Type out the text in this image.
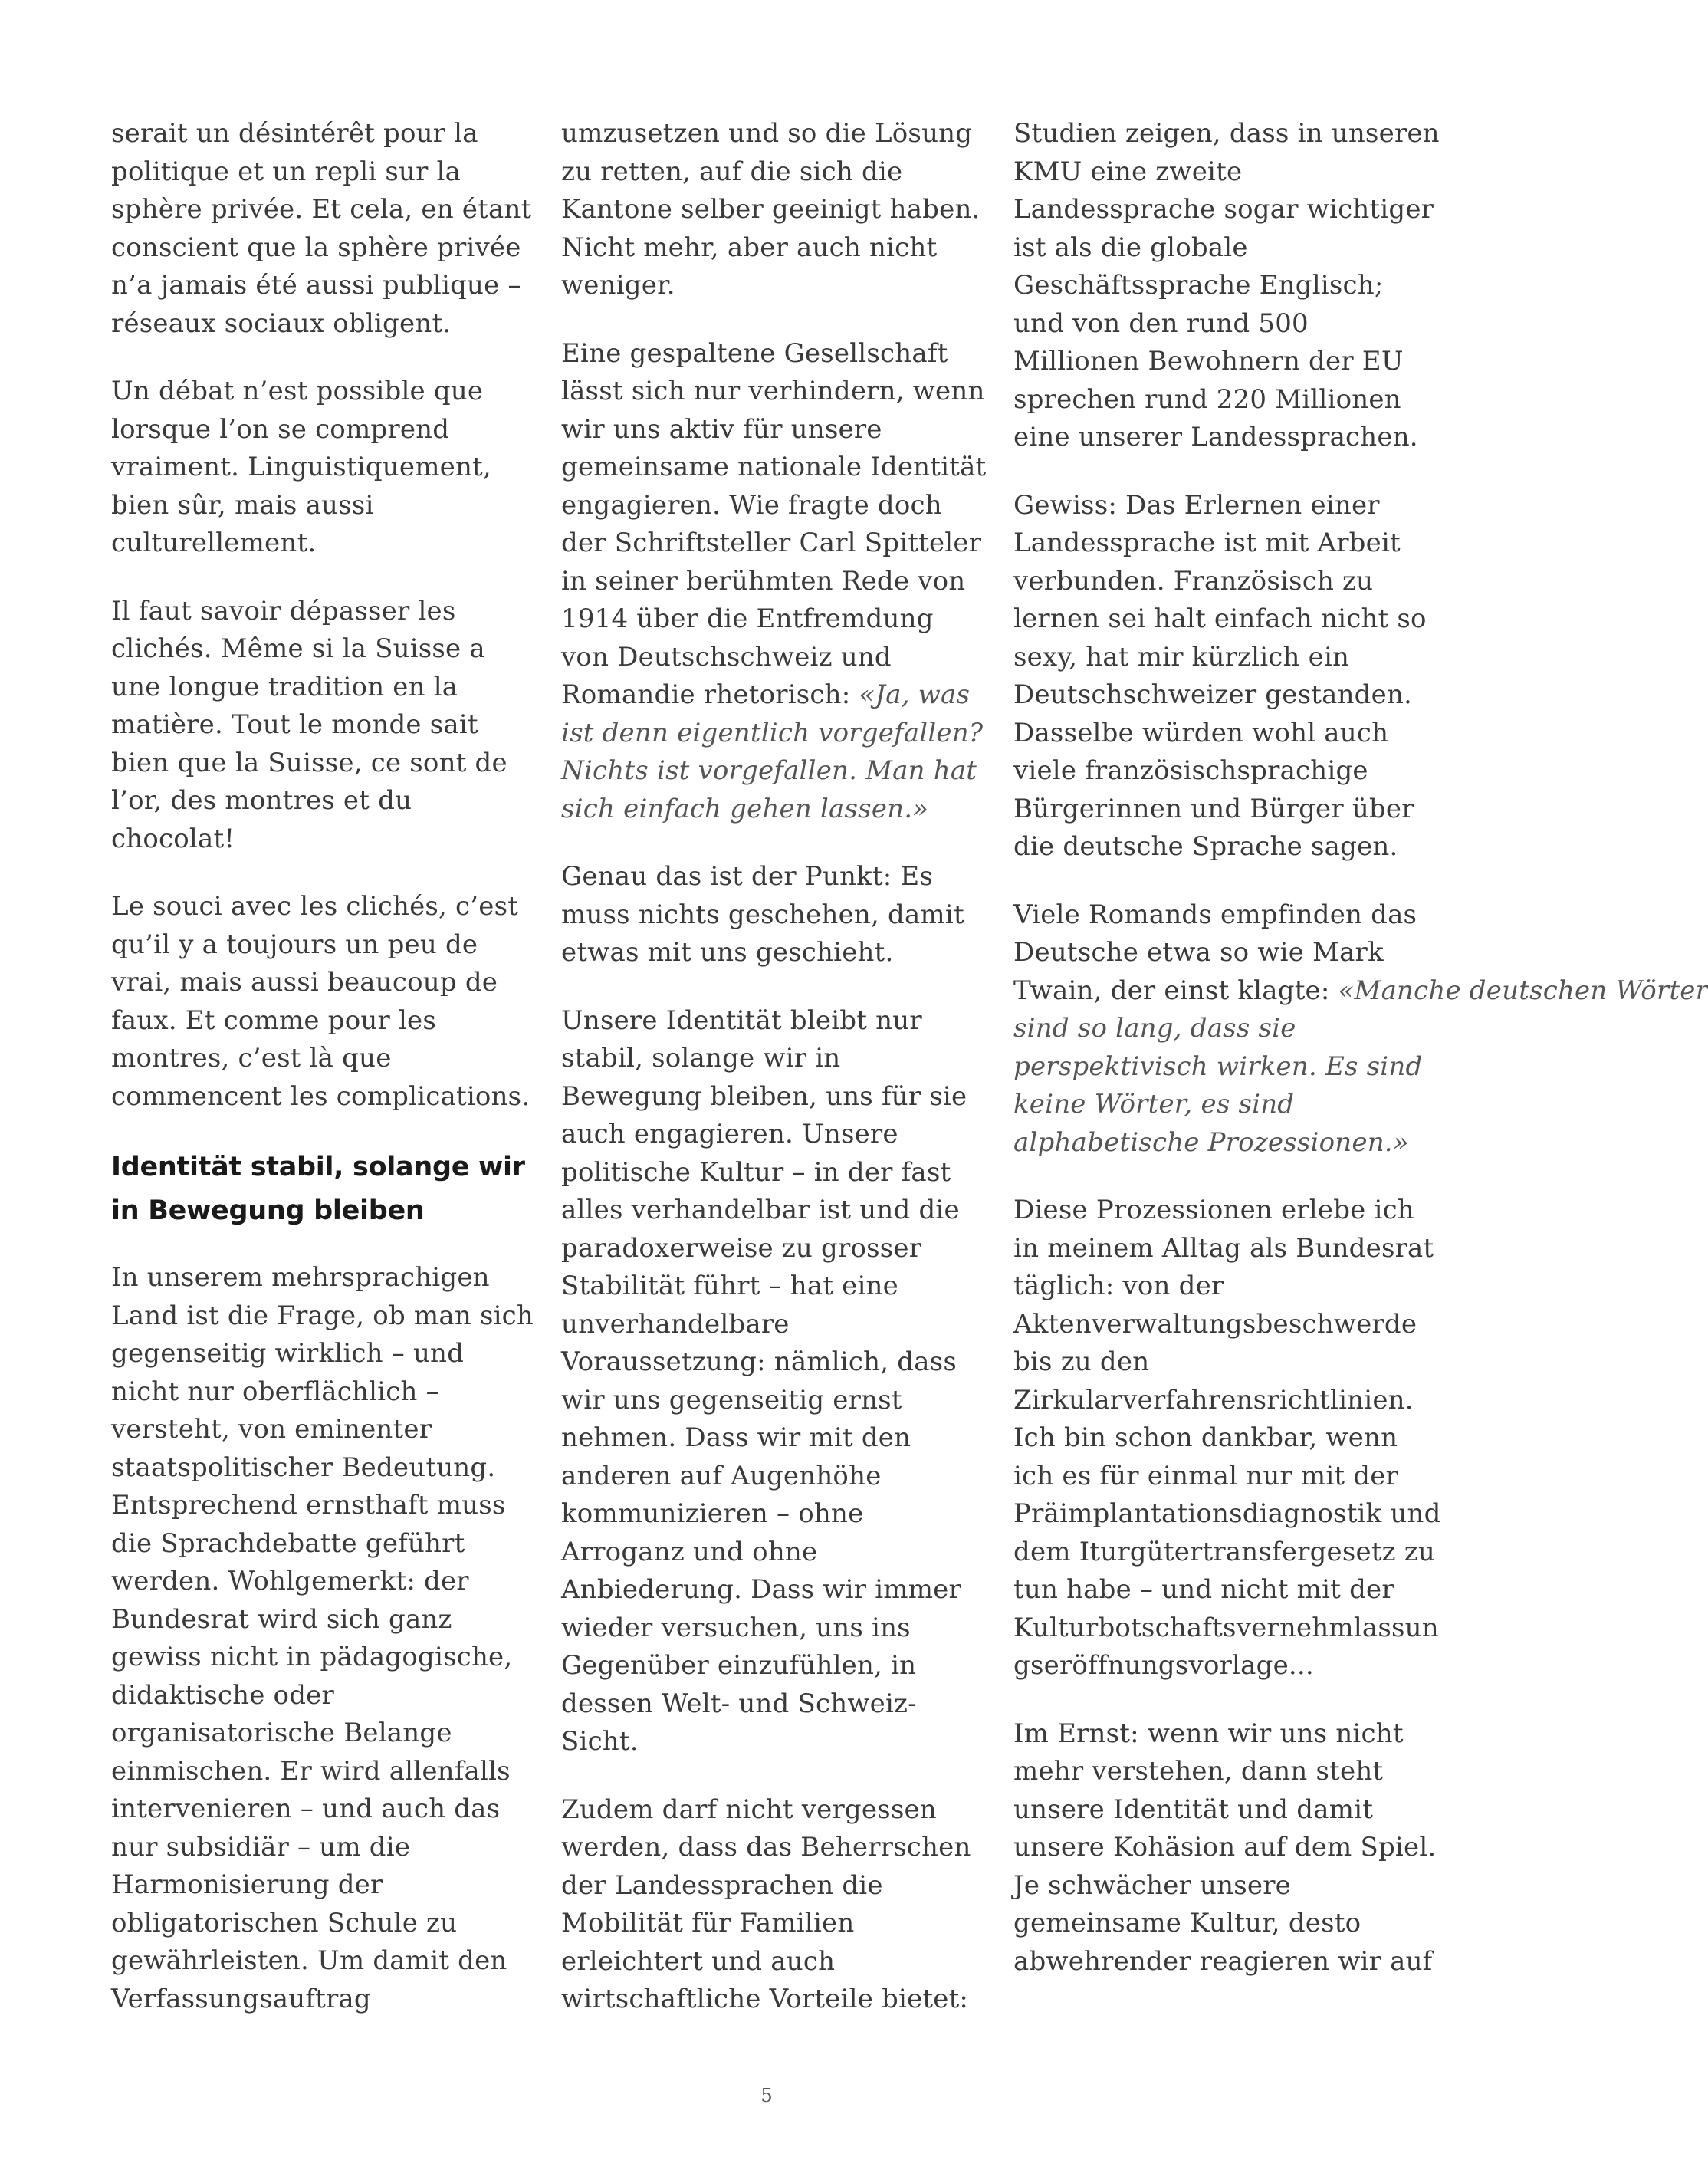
serait un désintérêt pour la
politique et un repli sur la
sphère privée. Et cela, en étant
conscient que la sphère privée
n’a jamais été aussi publique –
réseaux sociaux obligent.
Un débat n’est possible que
lorsque l’on se comprend
vraiment. Linguistiquement,
bien sûr, mais aussi
culturellement.
Il faut savoir dépasser les
clichés. Même si la Suisse a
une longue tradition en la
matière. Tout le monde sait
bien que la Suisse, ce sont de
l’or, des montres et du
chocolat!
Le souci avec les clichés, c’est
qu’il y a toujours un peu de
vrai, mais aussi beaucoup de
faux. Et comme pour les
montres, c’est là que
commencent les complications.
Identität stabil, solange wir
in Bewegung bleiben
In unserem mehrsprachigen
Land ist die Frage, ob man sich
gegenseitig wirklich – und
nicht nur oberflächlich –
versteht, von eminenter
staatspolitischer Bedeutung.
Entsprechend ernsthaft muss
die Sprachdebatte geführt
werden. Wohlgemerkt: der
Bundesrat wird sich ganz
gewiss nicht in pädagogische,
didaktische oder
organisatorische Belange
einmischen. Er wird allenfalls
intervenieren – und auch das
nur subsidiär – um die
Harmonisierung der
obligatorischen Schule zu
gewährleisten. Um damit den
Verfassungsauftrag
umzusetzen und so die Lösung
zu retten, auf die sich die
Kantone selber geeinigt haben.
Nicht mehr, aber auch nicht
weniger.
Eine gespaltene Gesellschaft
lässt sich nur verhindern, wenn
wir uns aktiv für unsere
gemeinsame nationale Identität
engagieren. Wie fragte doch
der Schriftsteller Carl Spitteler
in seiner berühmten Rede von
1914 über die Entfremdung
von Deutschschweiz und
Romandie rhetorisch: «Ja, was
ist denn eigentlich vorgefallen?
Nichts ist vorgefallen. Man hat
sich einfach gehen lassen.»
Genau das ist der Punkt: Es
muss nichts geschehen, damit
etwas mit uns geschieht.
Unsere Identität bleibt nur
stabil, solange wir in
Bewegung bleiben, uns für sie
auch engagieren. Unsere
politische Kultur – in der fast
alles verhandelbar ist und die
paradoxerweise zu grosser
Stabilität führt – hat eine
unverhandelbare
Voraussetzung: nämlich, dass
wir uns gegenseitig ernst
nehmen. Dass wir mit den
anderen auf Augenhöhe
kommunizieren – ohne
Arroganz und ohne
Anbiederung. Dass wir immer
wieder versuchen, uns ins
Gegenüber einzufühlen, in
dessen Welt- und Schweiz-
Sicht.
Zudem darf nicht vergessen
werden, dass das Beherrschen
der Landessprachen die
Mobilität für Familien
erleichtert und auch
wirtschaftliche Vorteile bietet:
Studien zeigen, dass in unseren
KMU eine zweite
Landessprache sogar wichtiger
ist als die globale
Geschäftssprache Englisch;
und von den rund 500
Millionen Bewohnern der EU
sprechen rund 220 Millionen
eine unserer Landessprachen.
Gewiss: Das Erlernen einer
Landessprache ist mit Arbeit
verbunden. Französisch zu
lernen sei halt einfach nicht so
sexy, hat mir kürzlich ein
Deutschschweizer gestanden.
Dasselbe würden wohl auch
viele französischsprachige
Bürgerinnen und Bürger über
die deutsche Sprache sagen.
Viele Romands empfinden das
Deutsche etwa so wie Mark
Twain, der einst klagte: «Manche deutschen Wörter
sind so lang, dass sie
perspektivisch wirken. Es sind
keine Wörter, es sind
alphabetische Prozessionen.»
Diese Prozessionen erlebe ich
in meinem Alltag als Bundesrat
täglich: von der
Aktenverwaltungsbeschwerde
bis zu den
Zirkularverfahrensrichtlinien.
Ich bin schon dankbar, wenn
ich es für einmal nur mit der
Präimplantationsdiagnostik und
dem Iturgütertransfergesetz zu
tun habe – und nicht mit der
Kulturbotschaftsvernehmlassun
gseröffnungsvorlage...
Im Ernst: wenn wir uns nicht
mehr verstehen, dann steht
unsere Identität und damit
unsere Kohäsion auf dem Spiel.
Je schwächer unsere
gemeinsame Kultur, desto
abwehrender reagieren wir auf
5
